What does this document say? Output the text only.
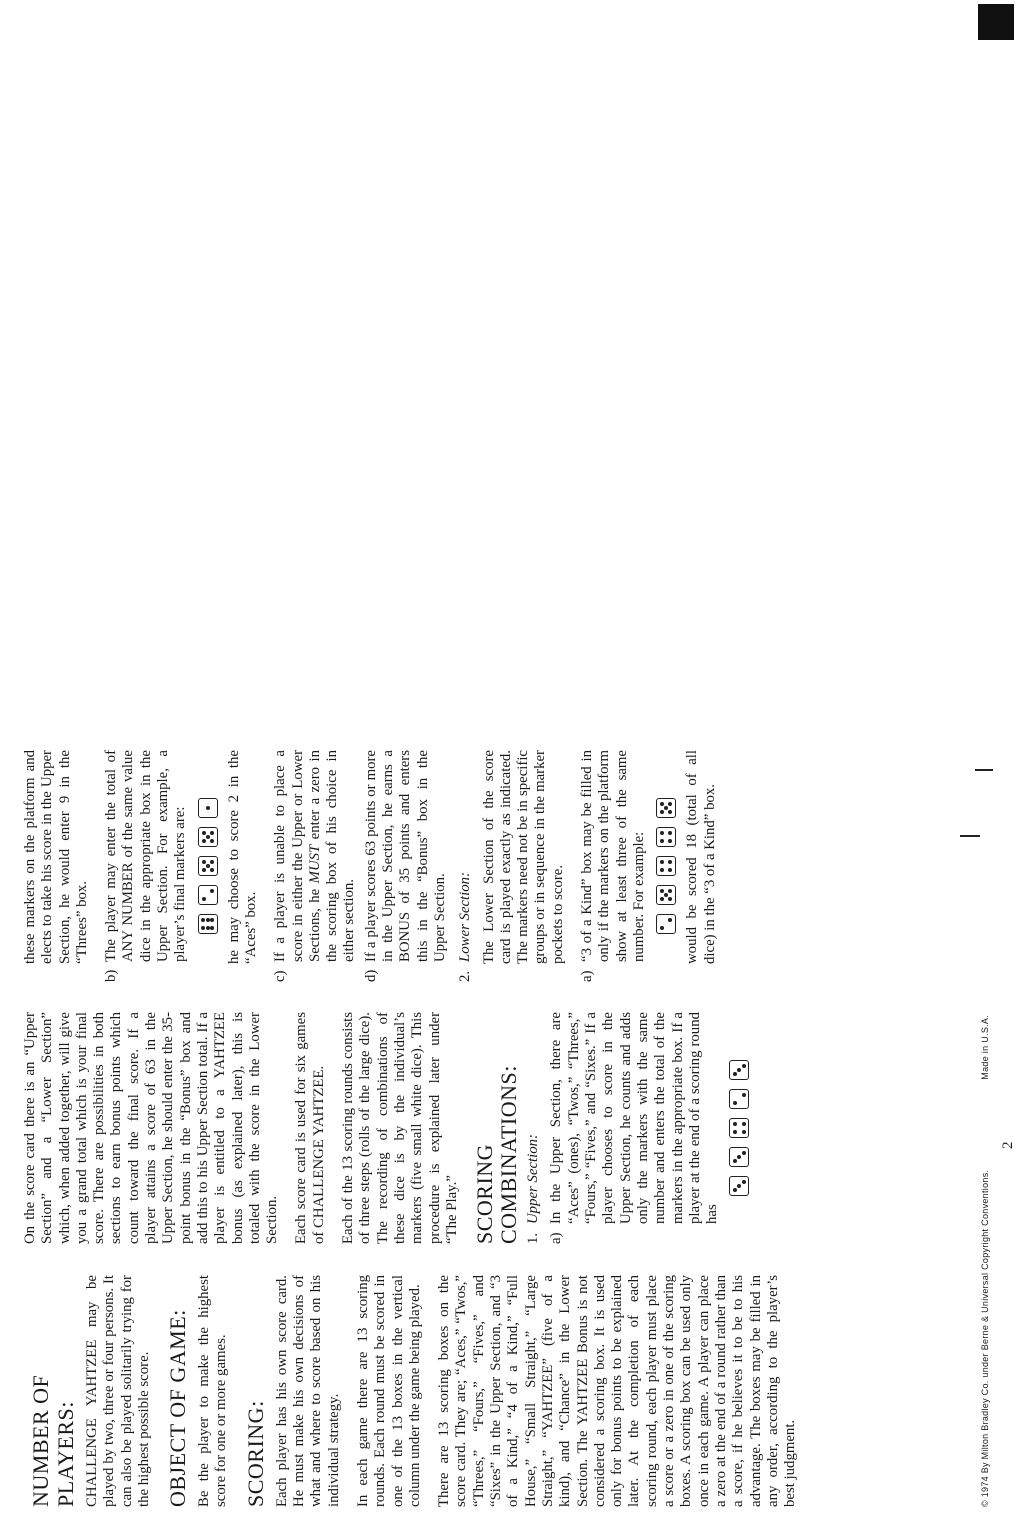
NUMBER OF PLAYERS: CHALLENGE YAHTZEE may be played by two, three or four persons. It can also be played solitarily trying for the highest possible score. OBJECT OF GAME: Be the player to make the highest score for one or more games. SCORING: Each player has his own score card. He must make his own decisions of what and where to score based on his individual strategy. In each game there are 13 scoring rounds. Each round must be scored in one of the 13 boxes in the vertical column under the game being played. There are 13 scoring boxes on the score card. They are; “Aces,” “Twos,” “Threes,” “Fours,” “Fives,” and “Sixes” in the Upper Section, and “3 of a Kind,” “4 of a Kind,” “Full House,” “Small Straight,” “Large Straight,” “YAHTZEE” (five of a kind), and “Chance” in the Lower Section. The YAHTZEE Bonus is not considered a scoring box. It is used only for bonus points to be explained later. At the completion of each scoring round, each player must place a score or a zero in one of the scoring boxes. A scoring box can be used only once in each game. A player can place a zero at the end of a round rather than a score, if he believes it to be to his advantage. The boxes may be filled in any order, according to the player’s best judgment.

On the score card there is an “Upper Section” and a “Lower Section” which, when added together, will give you a grand total which is your final score. There are possibilities in both sections to earn bonus points which count toward the final score. If a player attains a score of 63 in the Upper Section, he should enter the 35-point bonus in the “Bonus” box and add this to his Upper Section total. If a player is entitled to a YAHTZEE bonus (as explained later), this is totaled with the score in the Lower Section. Each score card is used for six games of CHALLENGE YAHTZEE. Each of the 13 scoring rounds consists of three steps (rolls of the large dice). The recording of combinations of these dice is by the individual’s markers (five small white dice). This procedure is explained later under “The Play.” SCORING COMBINATIONS: 1.
Upper Section:
a)
In the Upper Section, there are “Aces” (ones), “Twos,” “Threes,” “Fours,” “Fives,” and “Sixes.” If a player chooses to score in the Upper Section, he counts and adds only the markers with the same number and enters the total of the markers in the appropriate box. If a player at the end of a scoring round has

these markers on the platform and elects to take his score in the Upper Section, he would enter 9 in the “Threes” box.

b)
The player may enter the total of ANY NUMBER of the same value dice in the appropriate box in the Upper Section. For example, a player’s final markers are:	he may choose to score 2 in the “Aces” box.

c)
If a player is unable to place a score in either the Upper or Lower Sections, he MUST enter a zero in the scoring box of his choice in either section.
d)
If a player scores 63 points or more in the Upper Section, he earns a BONUS of 35 points and enters this in the “Bonus” box in the Upper Section.
2.
Lower Section: The Lower Section of the score card is played exactly as indicated. The markers need not be in specific groups or in sequence in the marker pockets to score.

a)
“3 of a Kind” box may be filled in only if the markers on the platform show at least three of the same number. For example:	would be scored 18 (total of all dice) in the “3 of a Kind” box.

© 1974 By Milton Bradley Co. under Berne & Universal Copyright Conventions.Made in U.S.A.
2
